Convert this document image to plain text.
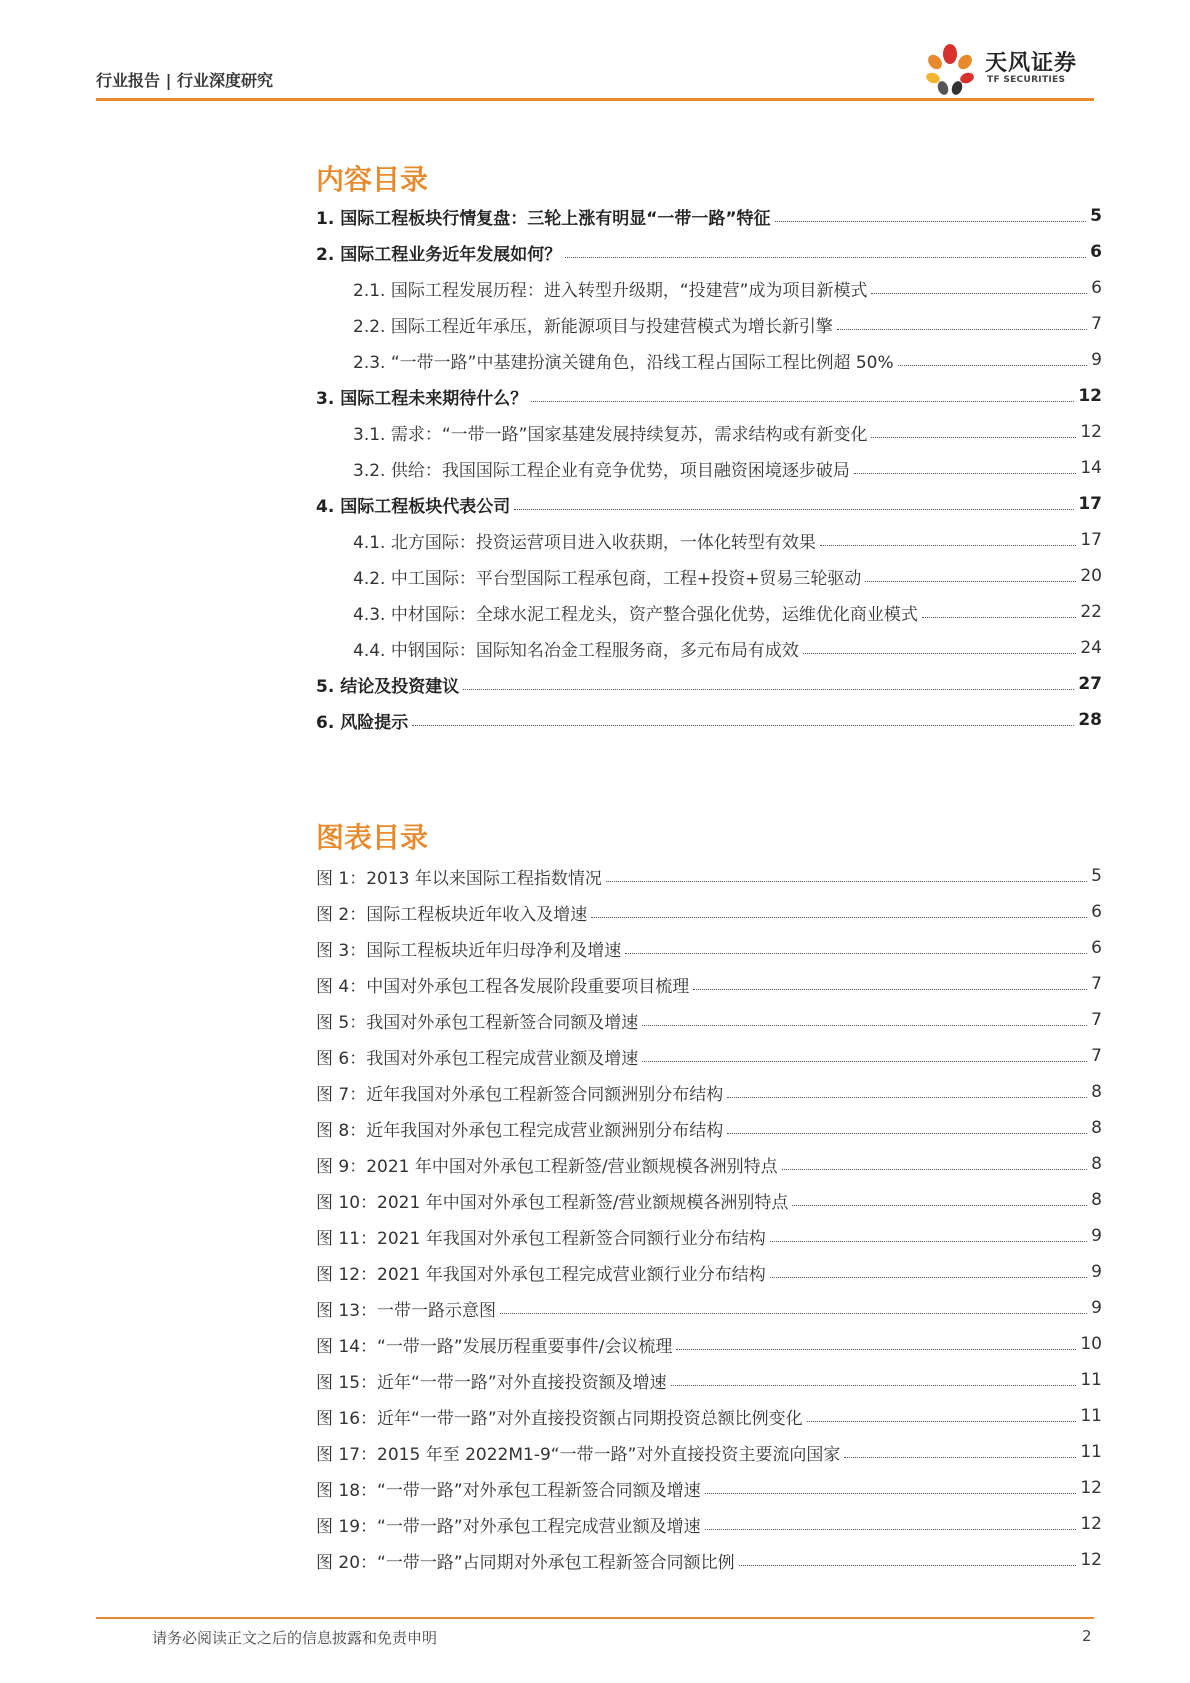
行业报告 | 行业深度研究
天风证券
TF SECURITIES
内容目录
1. 国际工程板块行情复盘：三轮上涨有明显“一带一路”特征	5
2. 国际工程业务近年发展如何？	6
2.1. 国际工程发展历程：进入转型升级期，“投建营”成为项目新模式	6
2.2. 国际工程近年承压，新能源项目与投建营模式为增长新引擎	7
2.3. “一带一路”中基建扮演关键角色，沿线工程占国际工程比例超 50%	9
3. 国际工程未来期待什么？	12
3.1. 需求：“一带一路”国家基建发展持续复苏，需求结构或有新变化	12
3.2. 供给：我国国际工程企业有竞争优势，项目融资困境逐步破局	14
4. 国际工程板块代表公司	17
4.1. 北方国际：投资运营项目进入收获期，一体化转型有效果	17
4.2. 中工国际：平台型国际工程承包商，工程+投资+贸易三轮驱动	20
4.3. 中材国际：全球水泥工程龙头，资产整合强化优势，运维优化商业模式	22
4.4. 中钢国际：国际知名冶金工程服务商，多元布局有成效	24
5. 结论及投资建议	27
6. 风险提示	28
图表目录
图 1：2013 年以来国际工程指数情况	5
图 2：国际工程板块近年收入及增速	6
图 3：国际工程板块近年归母净利及增速	6
图 4：中国对外承包工程各发展阶段重要项目梳理	7
图 5：我国对外承包工程新签合同额及增速	7
图 6：我国对外承包工程完成营业额及增速	7
图 7：近年我国对外承包工程新签合同额洲别分布结构	8
图 8：近年我国对外承包工程完成营业额洲别分布结构	8
图 9：2021 年中国对外承包工程新签/营业额规模各洲别特点	8
图 10：2021 年中国对外承包工程新签/营业额规模各洲别特点	8
图 11：2021 年我国对外承包工程新签合同额行业分布结构	9
图 12：2021 年我国对外承包工程完成营业额行业分布结构	9
图 13：一带一路示意图	9
图 14：“一带一路”发展历程重要事件/会议梳理	10
图 15：近年“一带一路”对外直接投资额及增速	11
图 16：近年“一带一路”对外直接投资额占同期投资总额比例变化	11
图 17：2015 年至 2022M1-9“一带一路”对外直接投资主要流向国家	11
图 18：“一带一路”对外承包工程新签合同额及增速	12
图 19：“一带一路”对外承包工程完成营业额及增速	12
图 20：“一带一路”占同期对外承包工程新签合同额比例	12
请务必阅读正文之后的信息披露和免责申明	2
